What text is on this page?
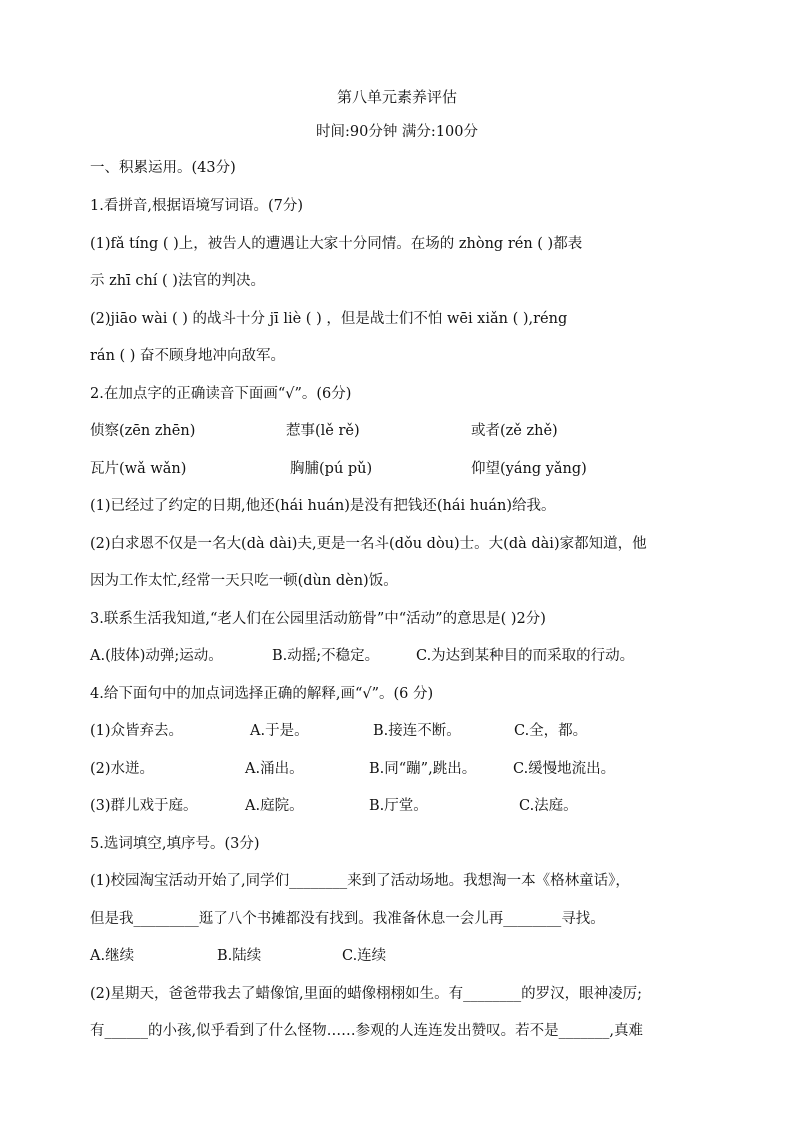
第八单元素养评估
时间:90分钟 满分:100分
一、积累运用。(43分)
1.看拼音,根据语境写词语。(7分)
(1)fǎ tíng ( )上，被告人的遭遇让大家十分同情。在场的 zhòng rén ( )都表
示 zhī chí ( )法官的判决。
(2)jiāo wài ( ) 的战斗十分 jī liè ( ) ，但是战士们不怕 wēi xiǎn ( ),réng
rán ( ) 奋不顾身地冲向敌军。
2.在加点字的正确读音下面画“√”。(6分)
侦察(zēn zhēn)	惹事(lě rě)	或者(zě zhě)
瓦片(wǎ wǎn)	胸脯(pú pǔ)	仰望(yáng yǎng)
(1)已经过了约定的日期,他还(hái huán)是没有把钱还(hái huán)给我。
(2)白求恩不仅是一名大(dà dài)夫,更是一名斗(dǒu dòu)士。大(dà dài)家都知道，他
因为工作太忙,经常一天只吃一顿(dùn dèn)饭。
3.联系生活我知道,“老人们在公园里活动筋骨”中“活动”的意思是( )2分)
A.(肢体)动弹;运动。	B.动摇;不稳定。	C.为达到某种目的而采取的行动。
4.给下面句中的加点词选择正确的解释,画“√”。(6 分)
(1)众皆弃去。	A.于是。	B.接连不断。	C.全，都。
(2)水迸。	A.涌出。	B.同“蹦”,跳出。	C.缓慢地流出。
(3)群儿戏于庭。	A.庭院。	B.厅堂。	C.法庭。
5.选词填空,填序号。(3分)
(1)校园淘宝活动开始了,同学们________来到了活动场地。我想淘一本《格林童话》，
但是我_________逛了八个书摊都没有找到。我准备休息一会儿再________寻找。
A.继续	B.陆续	C.连续
(2)星期天，爸爸带我去了蜡像馆,里面的蜡像栩栩如生。有________的罗汉，眼神凌厉;
有______的小孩,似乎看到了什么怪物……参观的人连连发出赞叹。若不是_______,真难
